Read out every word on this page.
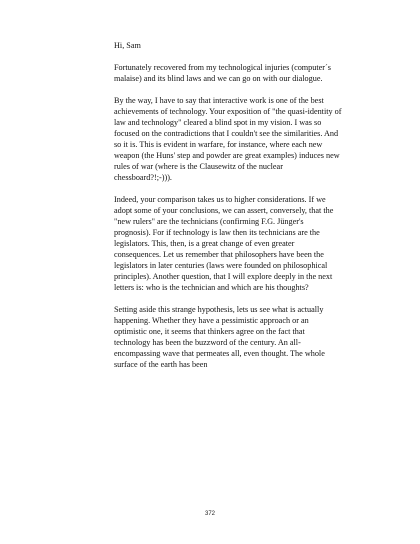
Hi, Sam

Fortunately recovered from my technological injuries (computer´s malaise) and its blind laws and we can go on with our dialogue.

By the way, I have to say that interactive work is one of the best achievements of technology. Your exposition of "the quasi-identity of law and technology" cleared a blind spot in my vision. I was so focused on the contradictions that I couldn't see the similarities. And so it is. This is evident in warfare, for instance, where each new weapon (the Huns' step and powder are great examples) induces new rules of war (where is the Clausewitz of the nuclear chessboard?!;-))).

Indeed, your comparison takes us to higher considerations. If we adopt some of your conclusions, we can assert, conversely, that the "new rulers" are the technicians (confirming F.G. Jünger's prognosis). For if technology is law then its technicians are the legislators. This, then, is a great change of even greater consequences. Let us remember that philosophers have been the legislators in later centuries (laws were founded on philosophical principles). Another question, that I will explore deeply in the next letters is: who is the technician and which are his thoughts?

Setting aside this strange hypothesis, lets us see what is actually happening. Whether they have a pessimistic approach or an optimistic one, it seems that thinkers agree on the fact that technology has been the buzzword of the century. An all-encompassing wave that permeates all, even thought. The whole surface of the earth has been

372
